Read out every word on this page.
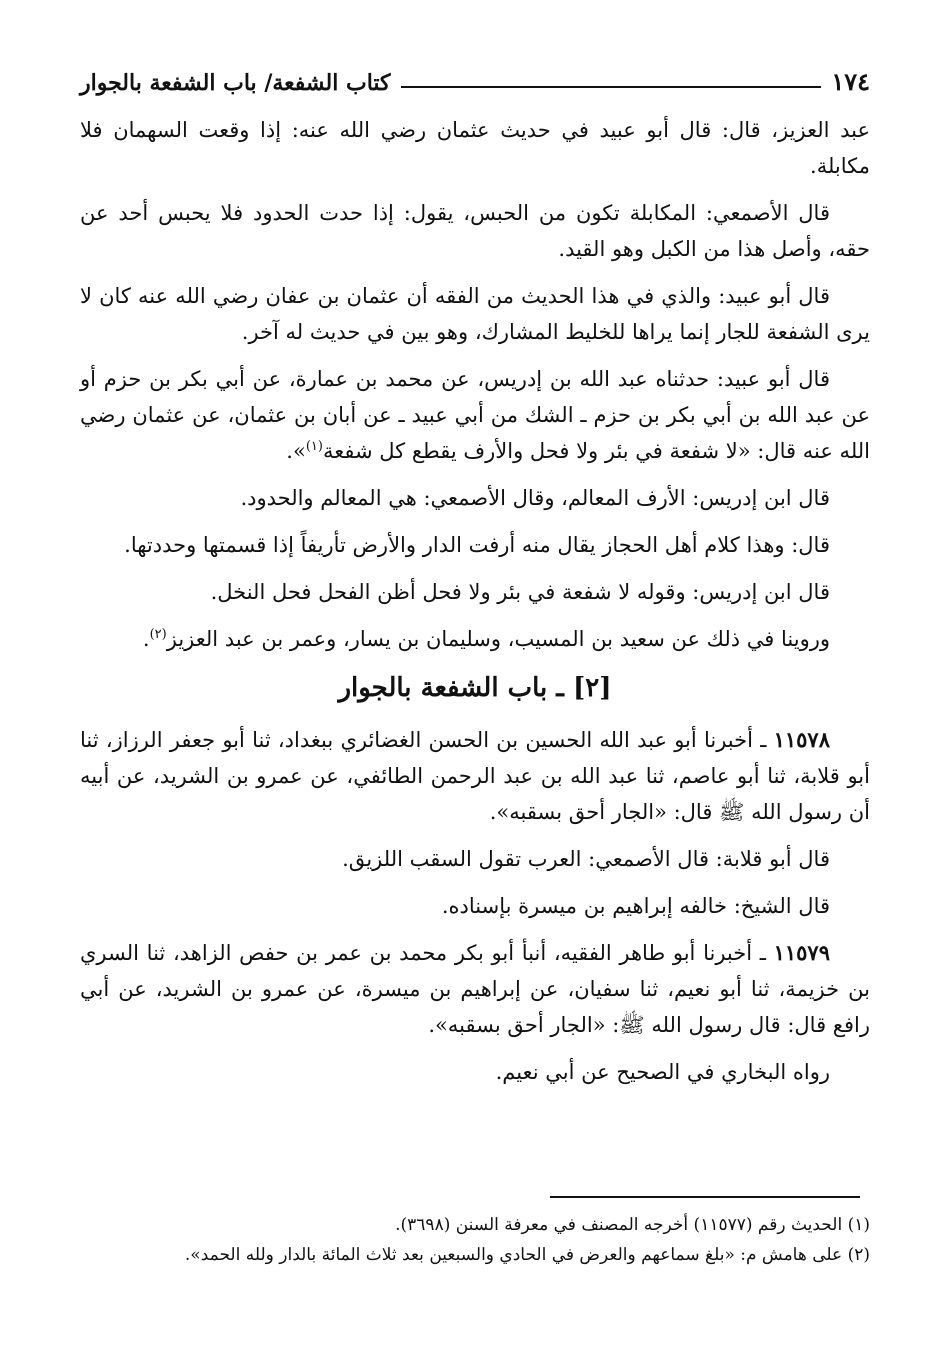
١٧٤
كتاب الشفعة/ باب الشفعة بالجوار

عبد العزيز، قال: قال أبو عبيد في حديث عثمان رضي الله عنه: إذا وقعت السهمان فلا مكابلة.

قال الأصمعي: المكابلة تكون من الحبس، يقول: إذا حدت الحدود فلا يحبس أحد عن حقه، وأصل هذا من الكبل وهو القيد.

قال أبو عبيد: والذي في هذا الحديث من الفقه أن عثمان بن عفان رضي الله عنه كان لا يرى الشفعة للجار إنما يراها للخليط المشارك، وهو بين في حديث له آخر.

قال أبو عبيد: حدثناه عبد الله بن إدريس، عن محمد بن عمارة، عن أبي بكر بن حزم أو عن عبد الله بن أبي بكر بن حزم ـ الشك من أبي عبيد ـ عن أبان بن عثمان، عن عثمان رضي الله عنه قال: «لا شفعة في بئر ولا فحل والأرف يقطع كل شفعة$^{(١)}$».

قال ابن إدريس: الأرف المعالم، وقال الأصمعي: هي المعالم والحدود.

قال: وهذا كلام أهل الحجاز يقال منه أرفت الدار والأرض تأريفاً إذا قسمتها وحددتها.

قال ابن إدريس: وقوله لا شفعة في بئر ولا فحل أظن الفحل فحل النخل.

وروينا في ذلك عن سعيد بن المسيب، وسليمان بن يسار، وعمر بن عبد العزيز$^{(٢)}$.

[٢] ـ باب الشفعة بالجوار

١١٥٧٨ ـ أخبرنا أبو عبد الله الحسين بن الحسن الغضائري ببغداد، ثنا أبو جعفر الرزاز، ثنا أبو قلابة، ثنا أبو عاصم، ثنا عبد الله بن عبد الرحمن الطائفي، عن عمرو بن الشريد، عن أبيه أن رسول الله ﷺ قال: «الجار أحق بسقبه».

قال أبو قلابة: قال الأصمعي: العرب تقول السقب اللزيق.

قال الشيخ: خالفه إبراهيم بن ميسرة بإسناده.

١١٥٧٩ ـ أخبرنا أبو طاهر الفقيه، أنبأ أبو بكر محمد بن عمر بن حفص الزاهد، ثنا السري بن خزيمة، ثنا أبو نعيم، ثنا سفيان، عن إبراهيم بن ميسرة، عن عمرو بن الشريد، عن أبي رافع قال: قال رسول الله ﷺ: «الجار أحق بسقبه».

رواه البخاري في الصحيح عن أبي نعيم.

(١) الحديث رقم (١١٥٧٧) أخرجه المصنف في معرفة السنن (٣٦٩٨).

(٢) على هامش م: «بلغ سماعهم والعرض في الحادي والسبعين بعد ثلاث المائة بالدار ولله الحمد».
